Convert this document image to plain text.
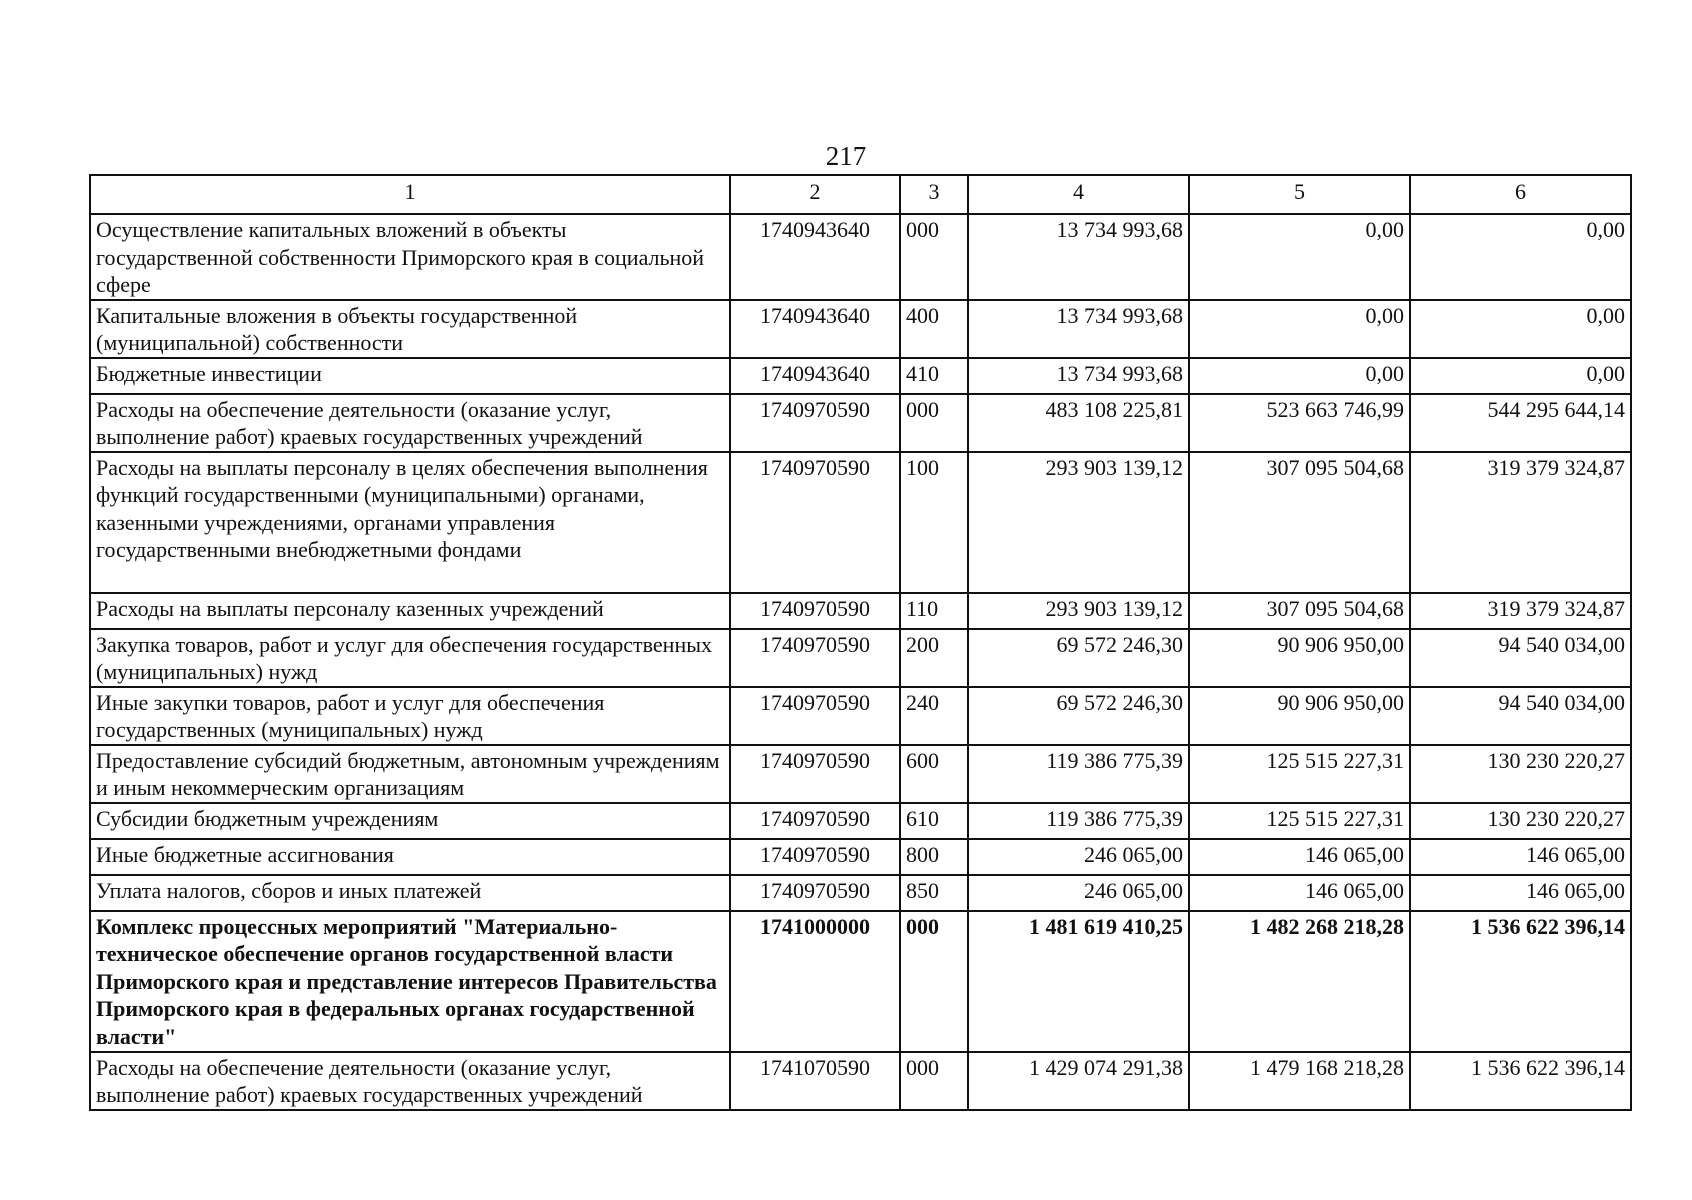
217
1	2	3	4	5	6
Осуществление капитальных вложений в объекты государственной собственности Приморского края в социальной сфере	1740943640	000	13 734 993,68	0,00	0,00
Капитальные вложения в объекты государственной (муниципальной) собственности	1740943640	400	13 734 993,68	0,00	0,00
Бюджетные инвестиции	1740943640	410	13 734 993,68	0,00	0,00
Расходы на обеспечение деятельности (оказание услуг, выполнение работ) краевых государственных учреждений	1740970590	000	483 108 225,81	523 663 746,99	544 295 644,14
Расходы на выплаты персоналу в целях обеспечения выполнения функций государственными (муниципальными) органами, казенными учреждениями, органами управления государственными внебюджетными фондами	1740970590	100	293 903 139,12	307 095 504,68	319 379 324,87
Расходы на выплаты персоналу казенных учреждений	1740970590	110	293 903 139,12	307 095 504,68	319 379 324,87
Закупка товаров, работ и услуг для обеспечения государственных (муниципальных) нужд	1740970590	200	69 572 246,30	90 906 950,00	94 540 034,00
Иные закупки товаров, работ и услуг для обеспечения государственных (муниципальных) нужд	1740970590	240	69 572 246,30	90 906 950,00	94 540 034,00
Предоставление субсидий бюджетным, автономным учреждениям и иным некоммерческим организациям	1740970590	600	119 386 775,39	125 515 227,31	130 230 220,27
Субсидии бюджетным учреждениям	1740970590	610	119 386 775,39	125 515 227,31	130 230 220,27
Иные бюджетные ассигнования	1740970590	800	246 065,00	146 065,00	146 065,00
Уплата налогов, сборов и иных платежей	1740970590	850	246 065,00	146 065,00	146 065,00
Комплекс процессных мероприятий "Материально-техническое обеспечение органов государственной власти Приморского края и представление интересов Правительства Приморского края в федеральных органах государственной власти"	1741000000	000	1 481 619 410,25	1 482 268 218,28	1 536 622 396,14
Расходы на обеспечение деятельности (оказание услуг, выполнение работ) краевых государственных учреждений	1741070590	000	1 429 074 291,38	1 479 168 218,28	1 536 622 396,14
